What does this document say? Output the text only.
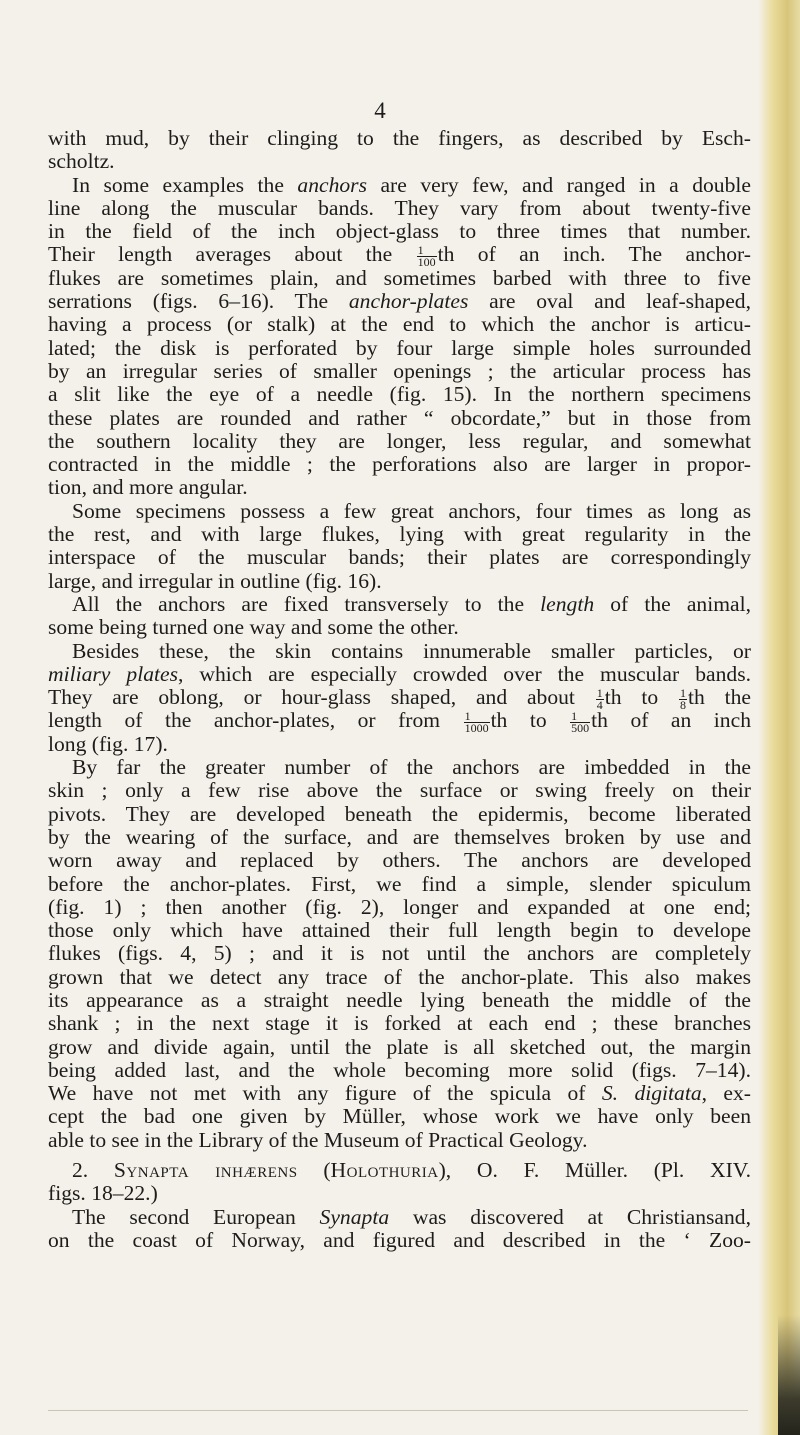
4
with mud, by their clinging to the fingers, as described by Esch-
scholtz.
In some examples the anchors are very few, and ranged in a double
line along the muscular bands. They vary from about twenty-five
in the field of the inch object-glass to three times that number.
Their length averages about the $\frac{1}{100}$ th of an inch. The anchor-
flukes are sometimes plain, and sometimes barbed with three to five
serrations (figs. 6–16). The anchor-plates are oval and leaf-shaped,
having a process (or stalk) at the end to which the anchor is articu-
lated; the disk is perforated by four large simple holes surrounded
by an irregular series of smaller openings ; the articular process has
a slit like the eye of a needle (fig. 15). In the northern specimens
these plates are rounded and rather “ obcordate,” but in those from
the southern locality they are longer, less regular, and somewhat
contracted in the middle ; the perforations also are larger in propor-
tion, and more angular.
Some specimens possess a few great anchors, four times as long as
the rest, and with large flukes, lying with great regularity in the
interspace of the muscular bands; their plates are correspondingly
large, and irregular in outline (fig. 16).
All the anchors are fixed transversely to the length of the animal,
some being turned one way and some the other.
Besides these, the skin contains innumerable smaller particles, or
miliary plates, which are especially crowded over the muscular bands.
They are oblong, or hour-glass shaped, and about $\frac{1}{4}$ th to $\frac{1}{8}$ th the
length of the anchor-plates, or from $\frac{1}{1000}$ th to $\frac{1}{500}$ th of an inch
long (fig. 17).
By far the greater number of the anchors are imbedded in the
skin ; only a few rise above the surface or swing freely on their
pivots. They are developed beneath the epidermis, become liberated
by the wearing of the surface, and are themselves broken by use and
worn away and replaced by others. The anchors are developed
before the anchor-plates. First, we find a simple, slender spiculum
(fig. 1) ; then another (fig. 2), longer and expanded at one end;
those only which have attained their full length begin to develope
flukes (figs. 4, 5) ; and it is not until the anchors are completely
grown that we detect any trace of the anchor-plate. This also makes
its appearance as a straight needle lying beneath the middle of the
shank ; in the next stage it is forked at each end ; these branches
grow and divide again, until the plate is all sketched out, the margin
being added last, and the whole becoming more solid (figs. 7–14).
We have not met with any figure of the spicula of S. digitata, ex-
cept the bad one given by Müller, whose work we have only been
able to see in the Library of the Museum of Practical Geology.
2. Synapta inhærens (Holothuria), O. F. Müller. (Pl. XIV.
figs. 18–22.)
The second European Synapta was discovered at Christiansand,
on the coast of Norway, and figured and described in the ‘ Zoo-
